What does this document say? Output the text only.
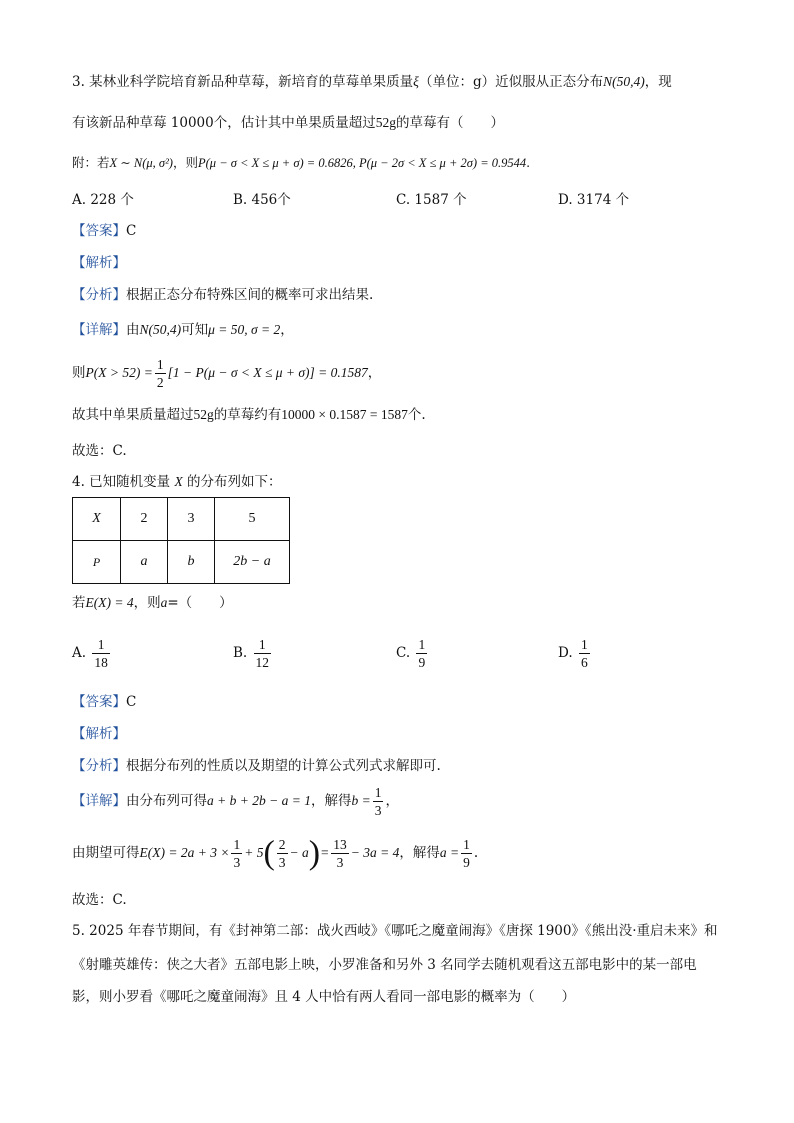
3. 某林业科学院培育新品种草莓，新培育的草莓单果质量ξ（单位：g）近似服从正态分布N(50,4)，现
有该新品种草莓 10000个，估计其中单果质量超过52g的草莓有（　　）
附：若X ∼ N(μ, σ²)，则P(μ − σ < X ≤ μ + σ) = 0.6826, P(μ − 2σ < X ≤ μ + 2σ) = 0.9544.
A. 228 个	B. 456个	C. 1587 个	D. 3174 个
【答案】C
【解析】
【分析】根据正态分布特殊区间的概率可求出结果.
【详解】由N(50,4)可知μ = 50, σ = 2，
则$P(X > 52) = \frac{1}{2} [1 - P(\mu - \sigma < X \le \mu + \sigma)] = 0.1587$，
故其中单果质量超过52g的草莓约有10000 × 0.1587 = 1587个.
故选：C.
4. 已知随机变量 X 的分布列如下：
X	2	3	5
P	a	b	2b − a
若E(X) = 4，则a=（　　）
A. $\frac{1}{18}$	B. $\frac{1}{12}$	C. $\frac{1}{9}$	D. $\frac{1}{6}$
【答案】C
【解析】
【分析】根据分布列的性质以及期望的计算公式列式求解即可.
【详解】由分布列可得a + b + 2b − a = 1，解得$b = \frac{1}{3}$ ，
由期望可得$E(X) = 2a + 3 \times \frac{1}{3} + 5( \frac{2}{3} - a)= \frac{13}{3} - 3a = 4$，解得$a = \frac{1}{9}$ .
故选：C.
5. 2025 年春节期间，有《封神第二部：战火西岐》《哪吒之魔童闹海》《唐探 1900》《熊出没·重启未来》和
《射雕英雄传：侠之大者》五部电影上映，小罗准备和另外 3 名同学去随机观看这五部电影中的某一部电
影，则小罗看《哪吒之魔童闹海》且 4 人中恰有两人看同一部电影的概率为（　　）
